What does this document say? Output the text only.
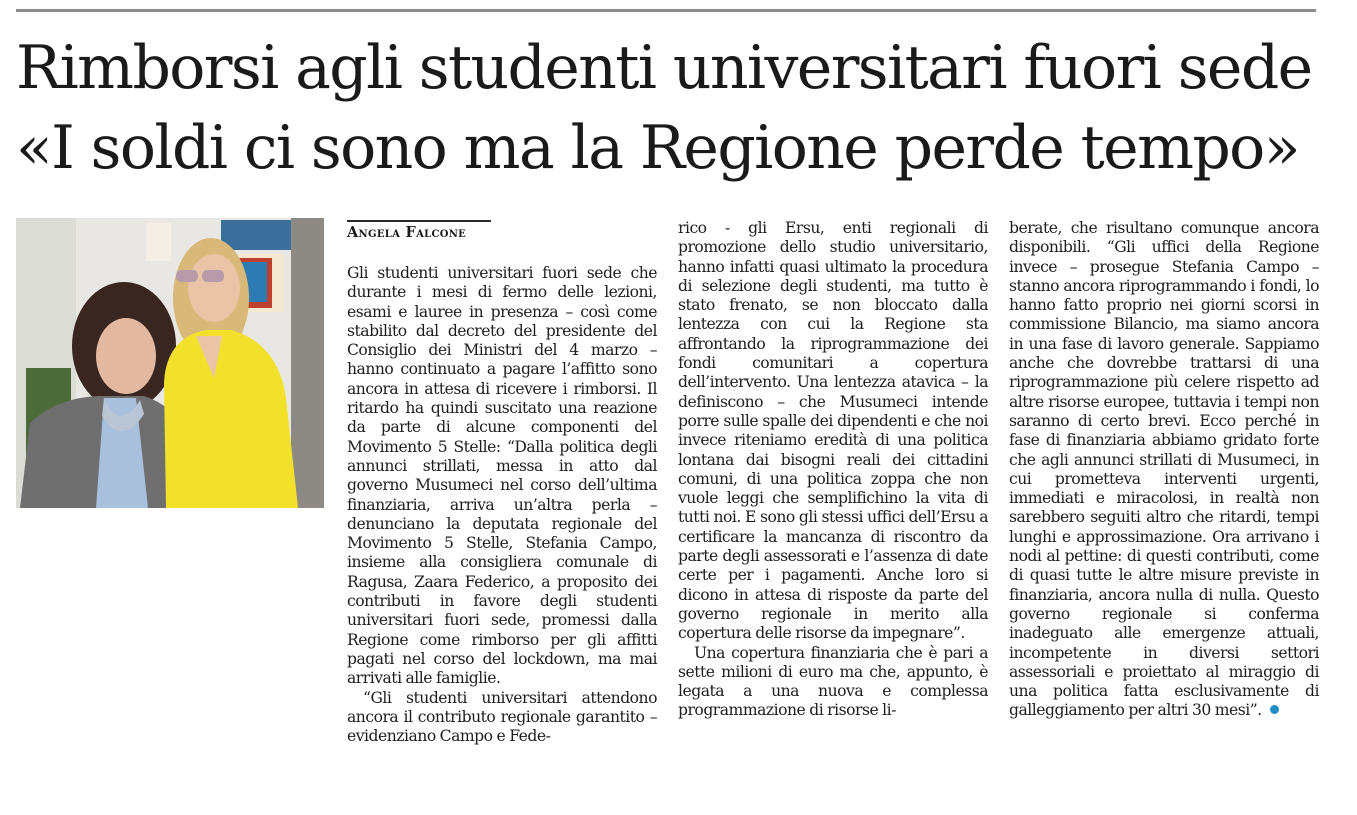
Rimborsi agli studenti universitari fuori sede
«I soldi ci sono ma la Regione perde tempo»
Angela Falcone

Gli studenti universitari fuori sede che durante i mesi di fermo delle lezioni, esami e lauree in presenza – così come stabilito dal decreto del presidente del Consiglio dei Ministri del 4 marzo – hanno continuato a pagare l’affitto sono ancora in attesa di ricevere i rimborsi. Il ritardo ha quindi suscitato una reazione da parte di alcune componenti del Movimento 5 Stelle: “Dalla politica degli annunci strillati, messa in atto dal governo Musumeci nel corso dell’ultima finanziaria, arriva un’altra perla – denunciano la deputata regionale del Movimento 5 Stelle, Stefania Campo, insieme alla consigliera comunale di Ragusa, Zaara Federico, a proposito dei contributi in favore degli studenti universitari fuori sede, promessi dalla Regione come rimborso per gli affitti pagati nel corso del lockdown, ma mai arrivati alle famiglie.

“Gli studenti universitari attendono ancora il contributo regionale garantito – evidenziano Campo e Fede-

rico - gli Ersu, enti regionali di promozione dello studio universitario, hanno infatti quasi ultimato la procedura di selezione degli studenti, ma tutto è stato frenato, se non bloccato dalla lentezza con cui la Regione sta affrontando la riprogrammazione dei fondi comunitari a copertura dell’intervento. Una lentezza atavica – la definiscono – che Musumeci intende porre sulle spalle dei dipendenti e che noi invece riteniamo eredità di una politica lontana dai bisogni reali dei cittadini comuni, di una politica zoppa che non vuole leggi che semplifichino la vita di tutti noi. E sono gli stessi uffici dell’Ersu a certificare la mancanza di riscontro da parte degli assessorati e l’assenza di date certe per i pagamenti. Anche loro si dicono in attesa di risposte da parte del governo regionale in merito alla copertura delle risorse da impegnare”.

Una copertura finanziaria che è pari a sette milioni di euro ma che, appunto, è legata a una nuova e complessa programmazione di risorse li-

berate, che risultano comunque ancora disponibili. “Gli uffici della Regione invece – prosegue Stefania Campo – stanno ancora riprogrammando i fondi, lo hanno fatto proprio nei giorni scorsi in commissione Bilancio, ma siamo ancora in una fase di lavoro generale. Sappiamo anche che dovrebbe trattarsi di una riprogrammazione più celere rispetto ad altre risorse europee, tuttavia i tempi non saranno di certo brevi. Ecco perché in fase di finanziaria abbiamo gridato forte che agli annunci strillati di Musumeci, in cui prometteva interventi urgenti, immediati e miracolosi, in realtà non sarebbero seguiti altro che ritardi, tempi lunghi e approssimazione. Ora arrivano i nodi al pettine: di questi contributi, come di quasi tutte le altre misure previste in finanziaria, ancora nulla di nulla. Questo governo regionale si conferma inadeguato alle emergenze attuali, incompetente in diversi settori assessoriali e proiettato al miraggio di una politica fatta esclusivamente di galleggiamento per altri 30 mesi”.
